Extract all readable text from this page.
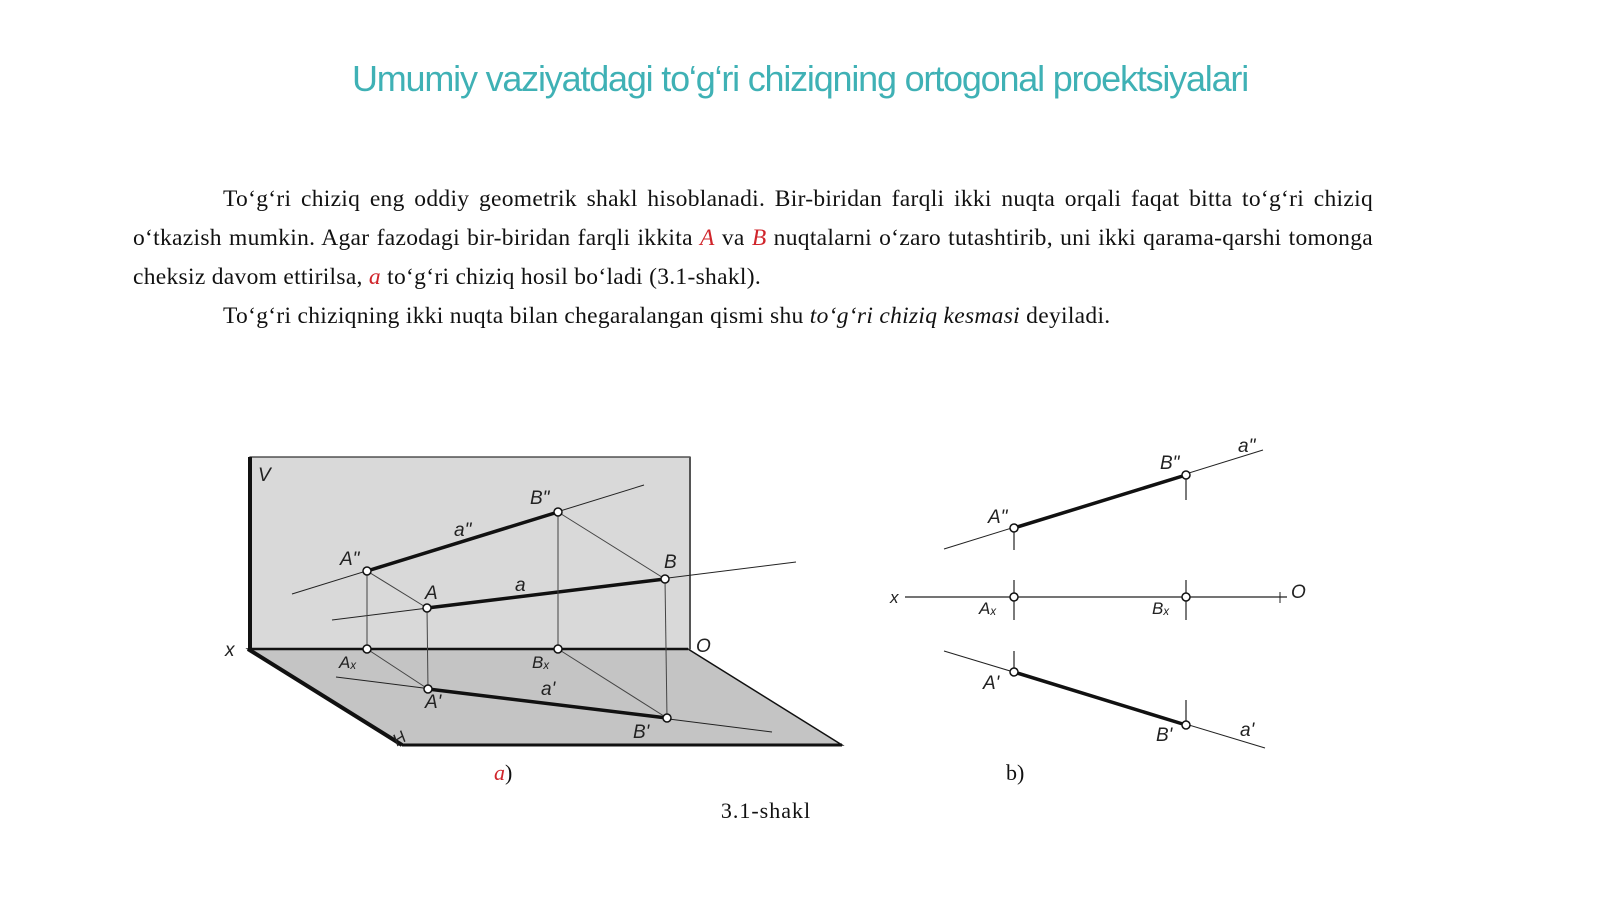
Umumiy vaziyatdagi to‘g‘ri chiziqning ortogonal proektsiyalari

To‘g‘ri chiziq eng oddiy geometrik shakl hisoblanadi. Bir-biridan farqli ikki nuqta orqali faqat bitta to‘g‘ri chiziq o‘tkazish mumkin. Agar fazodagi bir-biridan farqli ikkita A va B nuqtalarni o‘zaro tutashtirib, uni ikki qarama-qarshi tomonga cheksiz davom ettirilsa, a to‘g‘ri chiziq hosil bo‘ladi (3.1-shakl).

To‘g‘ri chiziqning ikki nuqta bilan chegaralangan qismi shu to‘g‘ri chiziq kesmasi deyiladi.

V
x	O
H
A"
B"
a"
A
B
a
Aₓ	Bₓ
A'
a'
B'
a)
a"
B"
A"
x	O
Aₓ	Bₓ
A'
B'	a'
b)
3.1-shakl
